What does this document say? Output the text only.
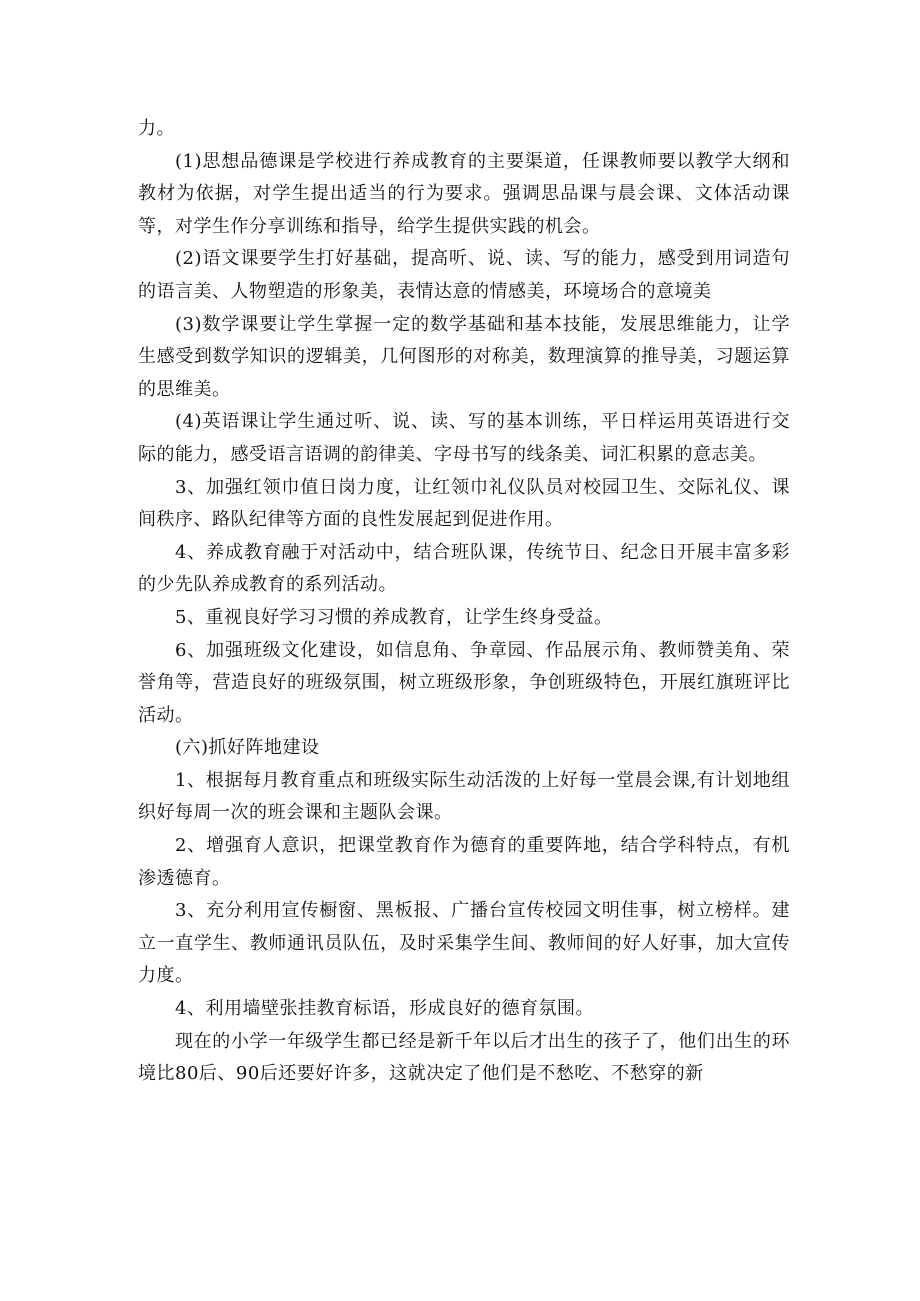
力。

(1)思想品德课是学校进行养成教育的主要渠道，任课教师要以教学大纲和教材为依据，对学生提出适当的行为要求。强调思品课与晨会课、文体活动课等，对学生作分享训练和指导，给学生提供实践的机会。

(2)语文课要学生打好基础，提高听、说、读、写的能力，感受到用词造句的语言美、人物塑造的形象美，表情达意的情感美，环境场合的意境美

(3)数学课要让学生掌握一定的数学基础和基本技能，发展思维能力，让学生感受到数学知识的逻辑美，几何图形的对称美，数理演算的推导美，习题运算的思维美。

(4)英语课让学生通过听、说、读、写的基本训练，平日样运用英语进行交际的能力，感受语言语调的韵律美、字母书写的线条美、词汇积累的意志美。

3、加强红领巾值日岗力度，让红领巾礼仪队员对校园卫生、交际礼仪、课间秩序、路队纪律等方面的良性发展起到促进作用。

4、养成教育融于对活动中，结合班队课，传统节日、纪念日开展丰富多彩的少先队养成教育的系列活动。

5、重视良好学习习惯的养成教育，让学生终身受益。

6、加强班级文化建设，如信息角、争章园、作品展示角、教师赞美角、荣誉角等，营造良好的班级氛围，树立班级形象，争创班级特色，开展红旗班评比活动。

(六)抓好阵地建设

1、根据每月教育重点和班级实际生动活泼的上好每一堂晨会课,有计划地组织好每周一次的班会课和主题队会课。

2、增强育人意识，把课堂教育作为德育的重要阵地，结合学科特点，有机渗透德育。

3、充分利用宣传橱窗、黑板报、广播台宣传校园文明佳事，树立榜样。建立一直学生、教师通讯员队伍，及时采集学生间、教师间的好人好事，加大宣传力度。

4、利用墙壁张挂教育标语，形成良好的德育氛围。

现在的小学一年级学生都已经是新千年以后才出生的孩子了，他们出生的环境比80后、90后还要好许多，这就决定了他们是不愁吃、不愁穿的新
